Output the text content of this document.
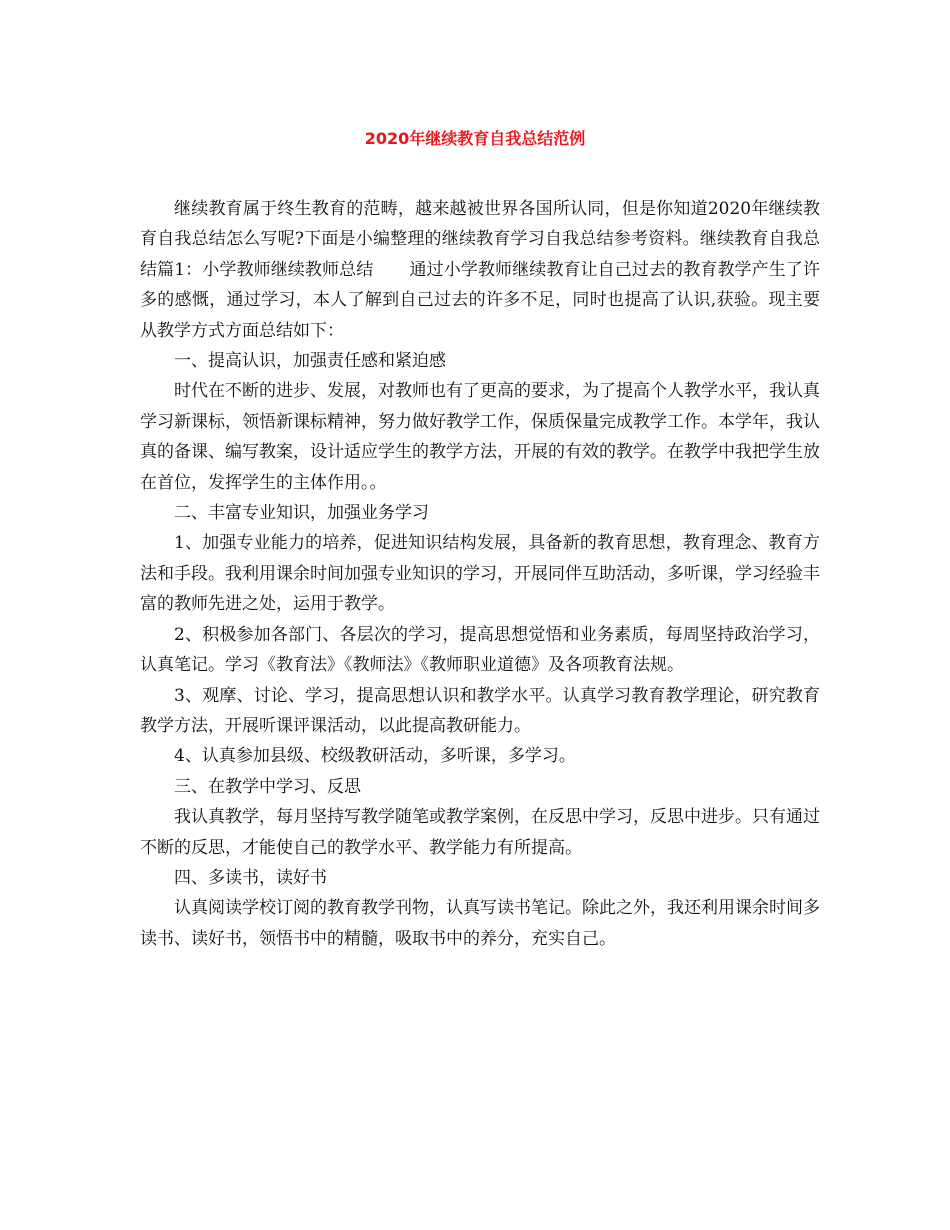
2020年继续教育自我总结范例

继续教育属于终生教育的范畴，越来越被世界各国所认同，但是你知道2020年继续教育自我总结怎么写呢?下面是小编整理的继续教育学习自我总结参考资料。继续教育自我总结篇1：小学教师继续教师总结 通过小学教师继续教育让自己过去的教育教学产生了许多的感慨，通过学习，本人了解到自己过去的许多不足，同时也提高了认识,获验。现主要从教学方式方面总结如下：

一、提高认识，加强责任感和紧迫感

时代在不断的进步、发展，对教师也有了更高的要求，为了提高个人教学水平，我认真学习新课标，领悟新课标精神，努力做好教学工作，保质保量完成教学工作。本学年，我认真的备课、编写教案，设计适应学生的教学方法，开展的有效的教学。在教学中我把学生放在首位，发挥学生的主体作用。。

二、丰富专业知识，加强业务学习

1、加强专业能力的培养，促进知识结构发展，具备新的教育思想，教育理念、教育方法和手段。我利用课余时间加强专业知识的学习，开展同伴互助活动，多听课，学习经验丰富的教师先进之处，运用于教学。

2、积极参加各部门、各层次的学习，提高思想觉悟和业务素质，每周坚持政治学习，认真笔记。学习《教育法》《教师法》《教师职业道德》及各项教育法规。

3、观摩、讨论、学习，提高思想认识和教学水平。认真学习教育教学理论，研究教育教学方法，开展听课评课活动，以此提高教研能力。

4、认真参加县级、校级教研活动，多听课，多学习。

三、在教学中学习、反思

我认真教学，每月坚持写教学随笔或教学案例，在反思中学习，反思中进步。只有通过不断的反思，才能使自己的教学水平、教学能力有所提高。

四、多读书，读好书

认真阅读学校订阅的教育教学刊物，认真写读书笔记。除此之外，我还利用课余时间多读书、读好书，领悟书中的精髓，吸取书中的养分，充实自己。
